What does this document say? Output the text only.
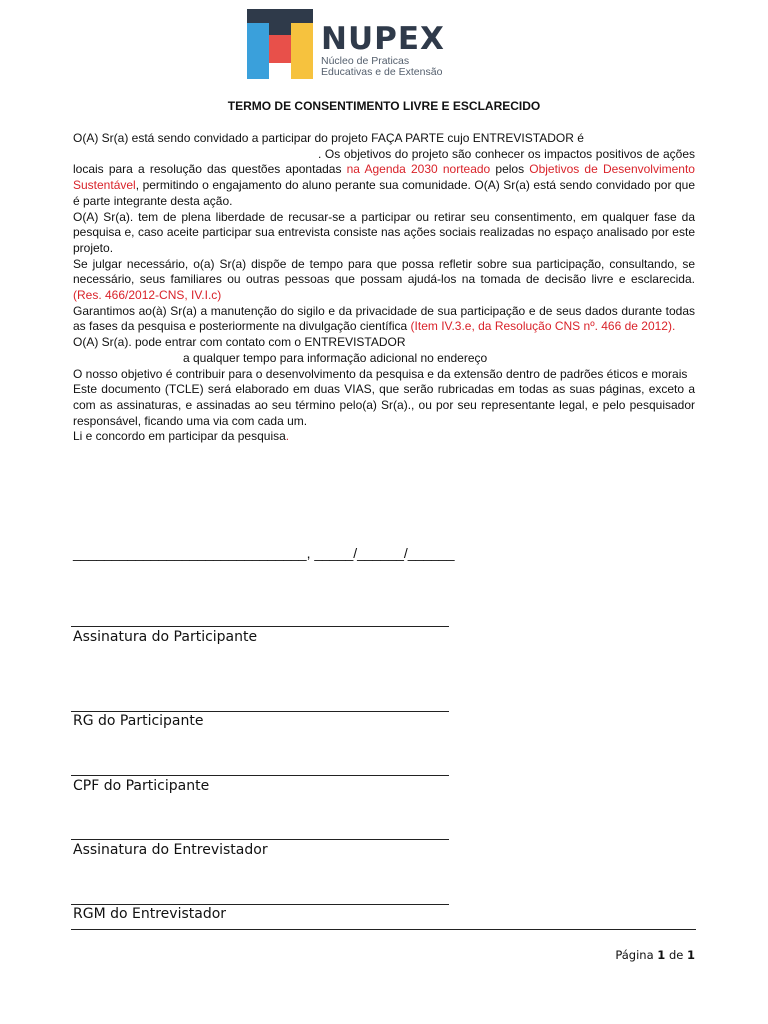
NUPEX
Núcleo de Praticas
Educativas e de Extensão
TERMO DE CONSENTIMENTO LIVRE E ESCLARECIDO

O(A) Sr(a) está sendo convidado a participar do projeto FAÇA PARTE cujo ENTREVISTADOR é
. Os objetivos do projeto são conhecer os impactos positivos de ações locais para a resolução das questões apontadas na Agenda 2030 norteado pelos Objetivos de Desenvolvimento Sustentável, permitindo o engajamento do aluno perante sua comunidade. O(A) Sr(a) está sendo convidado por que é parte integrante desta ação.

O(A) Sr(a). tem de plena liberdade de recusar-se a participar ou retirar seu consentimento, em qualquer fase da pesquisa e, caso aceite participar sua entrevista consiste nas ações sociais realizadas no espaço analisado por este projeto.

Se julgar necessário, o(a) Sr(a) dispõe de tempo para que possa refletir sobre sua participação, consultando, se necessário, seus familiares ou outras pessoas que possam ajudá-los na tomada de decisão livre e esclarecida. (Res. 466/2012-CNS, IV.I.c)

Garantimos ao(à) Sr(a) a manutenção do sigilo e da privacidade de sua participação e de seus dados durante todas as fases da pesquisa e posteriormente na divulgação científica (Item IV.3.e, da Resolução CNS nº. 466 de 2012).

O(A) Sr(a). pode entrar com contato com o ENTREVISTADOR
a qualquer tempo para informação adicional no endereço

O nosso objetivo é contribuir para o desenvolvimento da pesquisa e da extensão dentro de padrões éticos e morais

Este documento (TCLE) será elaborado em duas VIAS, que serão rubricadas em todas as suas páginas, exceto a com as assinaturas, e assinadas ao seu término pelo(a) Sr(a)., ou por seu representante legal, e pelo pesquisador responsável, ficando uma via com cada um.

Li e concordo em participar da pesquisa.

______________________________, _____/______/______
Assinatura do Participante
RG do Participante
CPF do Participante
Assinatura do Entrevistador
RGM do Entrevistador
Página 1 de 1
